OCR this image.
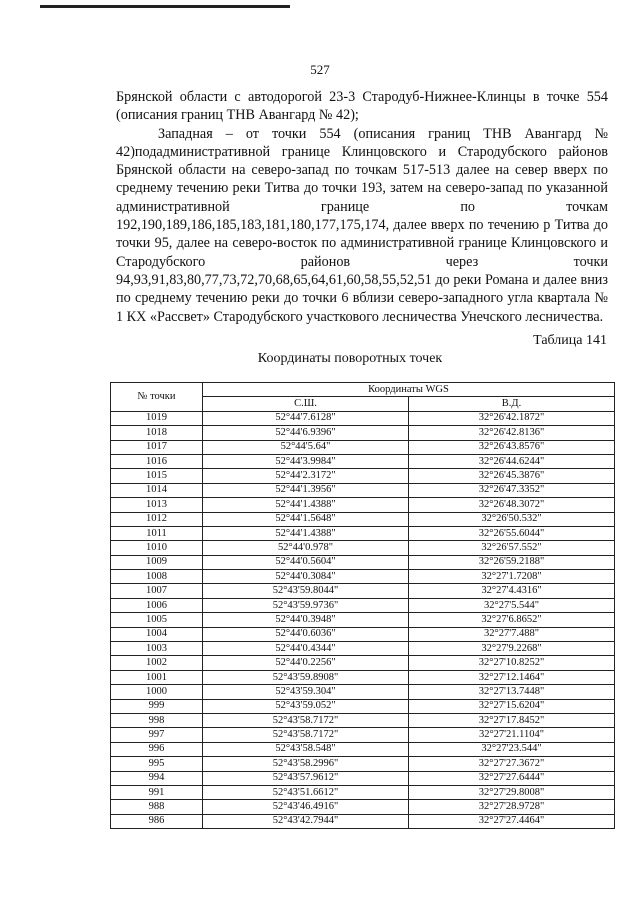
527

Брянской области с автодорогой 23-3 Стародуб-Нижнее-Клинцы в точке 554 (описания границ ТНВ Авангард № 42);

Западная – от точки 554 (описания границ ТНВ Авангард № 42)подадминистративной границе Клинцовского и Стародубского районов Брянской области на северо-запад по точкам 517-513 далее на север вверх по среднему течению реки Титва до точки 193, затем на северо-запад по указанной административной границе по точкам 192,190,189,186,185,183,181,180,177,175,174, далее вверх по течению р Титва до точки 95, далее на северо-восток по административной границе Клинцовского и Стародубского районов через точки 94,93,91,83,80,77,73,72,70,68,65,64,61,60,58,55,52,51 до реки Романа и далее вниз по среднему течению реки до точки 6 вблизи северо-западного угла квартала № 1 КХ «Рассвет» Стародубского участкового лесничества Унечского лесничества.

Таблица 141
Координаты поворотных точек
№ точки	Координаты WGS	
	С.Ш.	В.Д.
1019	52°44'7.6128"	32°26'42.1872"
1018	52°44'6.9396"	32°26'42.8136"
1017	52°44'5.64"	32°26'43.8576"
1016	52°44'3.9984"	32°26'44.6244"
1015	52°44'2.3172"	32°26'45.3876"
1014	52°44'1.3956"	32°26'47.3352"
1013	52°44'1.4388"	32°26'48.3072"
1012	52°44'1.5648"	32°26'50.532"
1011	52°44'1.4388"	32°26'55.6044"
1010	52°44'0.978"	32°26'57.552"
1009	52°44'0.5604"	32°26'59.2188"
1008	52°44'0.3084"	32°27'1.7208"
1007	52°43'59.8044"	32°27'4.4316"
1006	52°43'59.9736"	32°27'5.544"
1005	52°44'0.3948"	32°27'6.8652"
1004	52°44'0.6036"	32°27'7.488"
1003	52°44'0.4344"	32°27'9.2268"
1002	52°44'0.2256"	32°27'10.8252"
1001	52°43'59.8908"	32°27'12.1464"
1000	52°43'59.304"	32°27'13.7448"
999	52°43'59.052"	32°27'15.6204"
998	52°43'58.7172"	32°27'17.8452"
997	52°43'58.7172"	32°27'21.1104"
996	52°43'58.548"	32°27'23.544"
995	52°43'58.2996"	32°27'27.3672"
994	52°43'57.9612"	32°27'27.6444"
991	52°43'51.6612"	32°27'29.8008"
988	52°43'46.4916"	32°27'28.9728"
986	52°43'42.7944"	32°27'27.4464"
